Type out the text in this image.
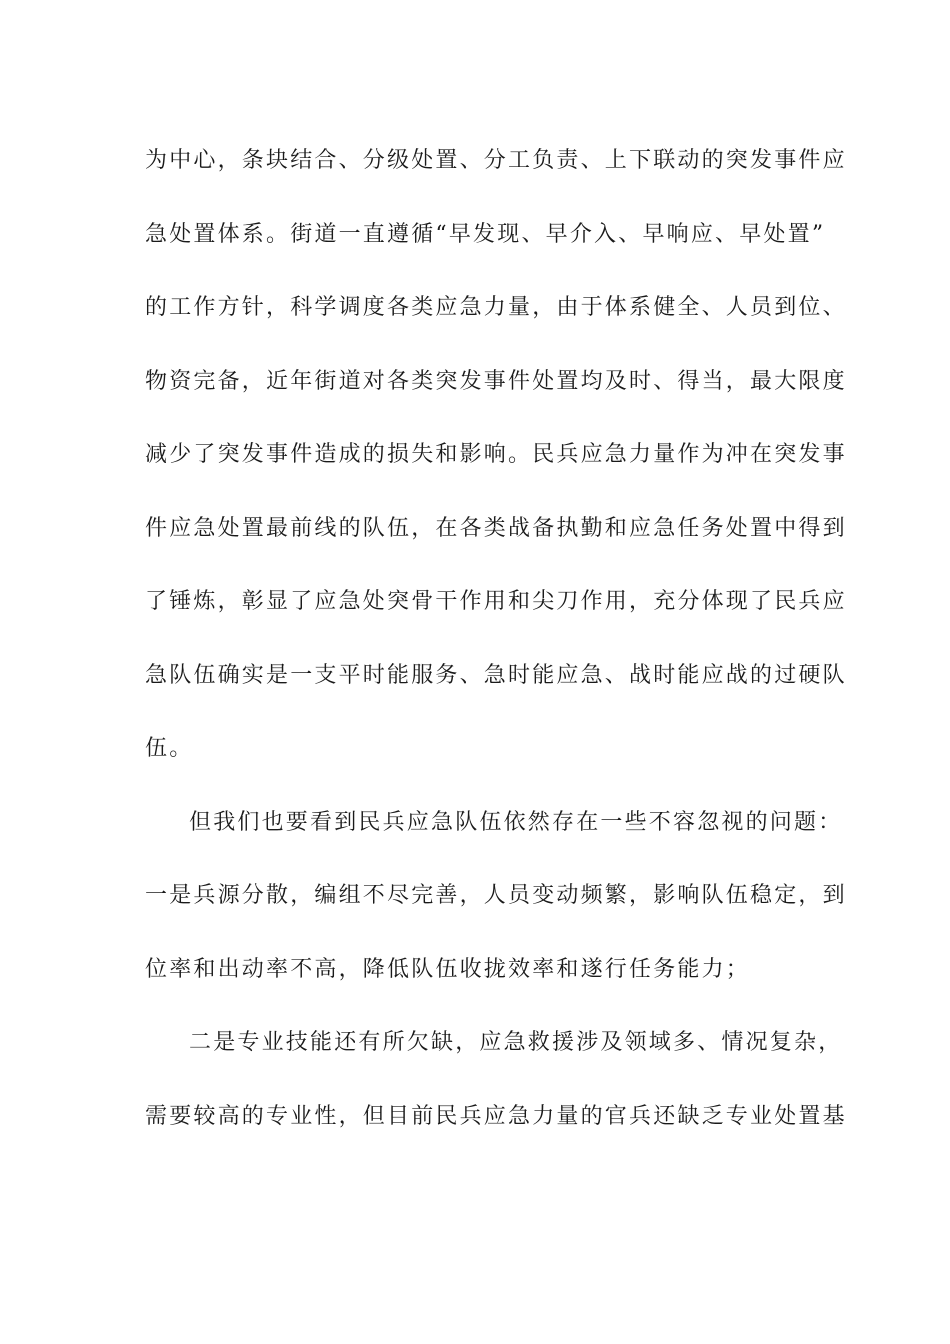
为中心，条块结合、分级处置、分工负责、上下联动的突发事件应
急处置体系。街道一直遵循“早发现、早介入、早响应、早处置”
的工作方针，科学调度各类应急力量，由于体系健全、人员到位、
物资完备，近年街道对各类突发事件处置均及时、得当，最大限度
减少了突发事件造成的损失和影响。民兵应急力量作为冲在突发事
件应急处置最前线的队伍，在各类战备执勤和应急任务处置中得到
了锤炼，彰显了应急处突骨干作用和尖刀作用，充分体现了民兵应
急队伍确实是一支平时能服务、急时能应急、战时能应战的过硬队
伍。
但我们也要看到民兵应急队伍依然存在一些不容忽视的问题：
一是兵源分散，编组不尽完善，人员变动频繁，影响队伍稳定，到
位率和出动率不高，降低队伍收拢效率和遂行任务能力；
二是专业技能还有所欠缺，应急救援涉及领域多、情况复杂，
需要较高的专业性，但目前民兵应急力量的官兵还缺乏专业处置基
